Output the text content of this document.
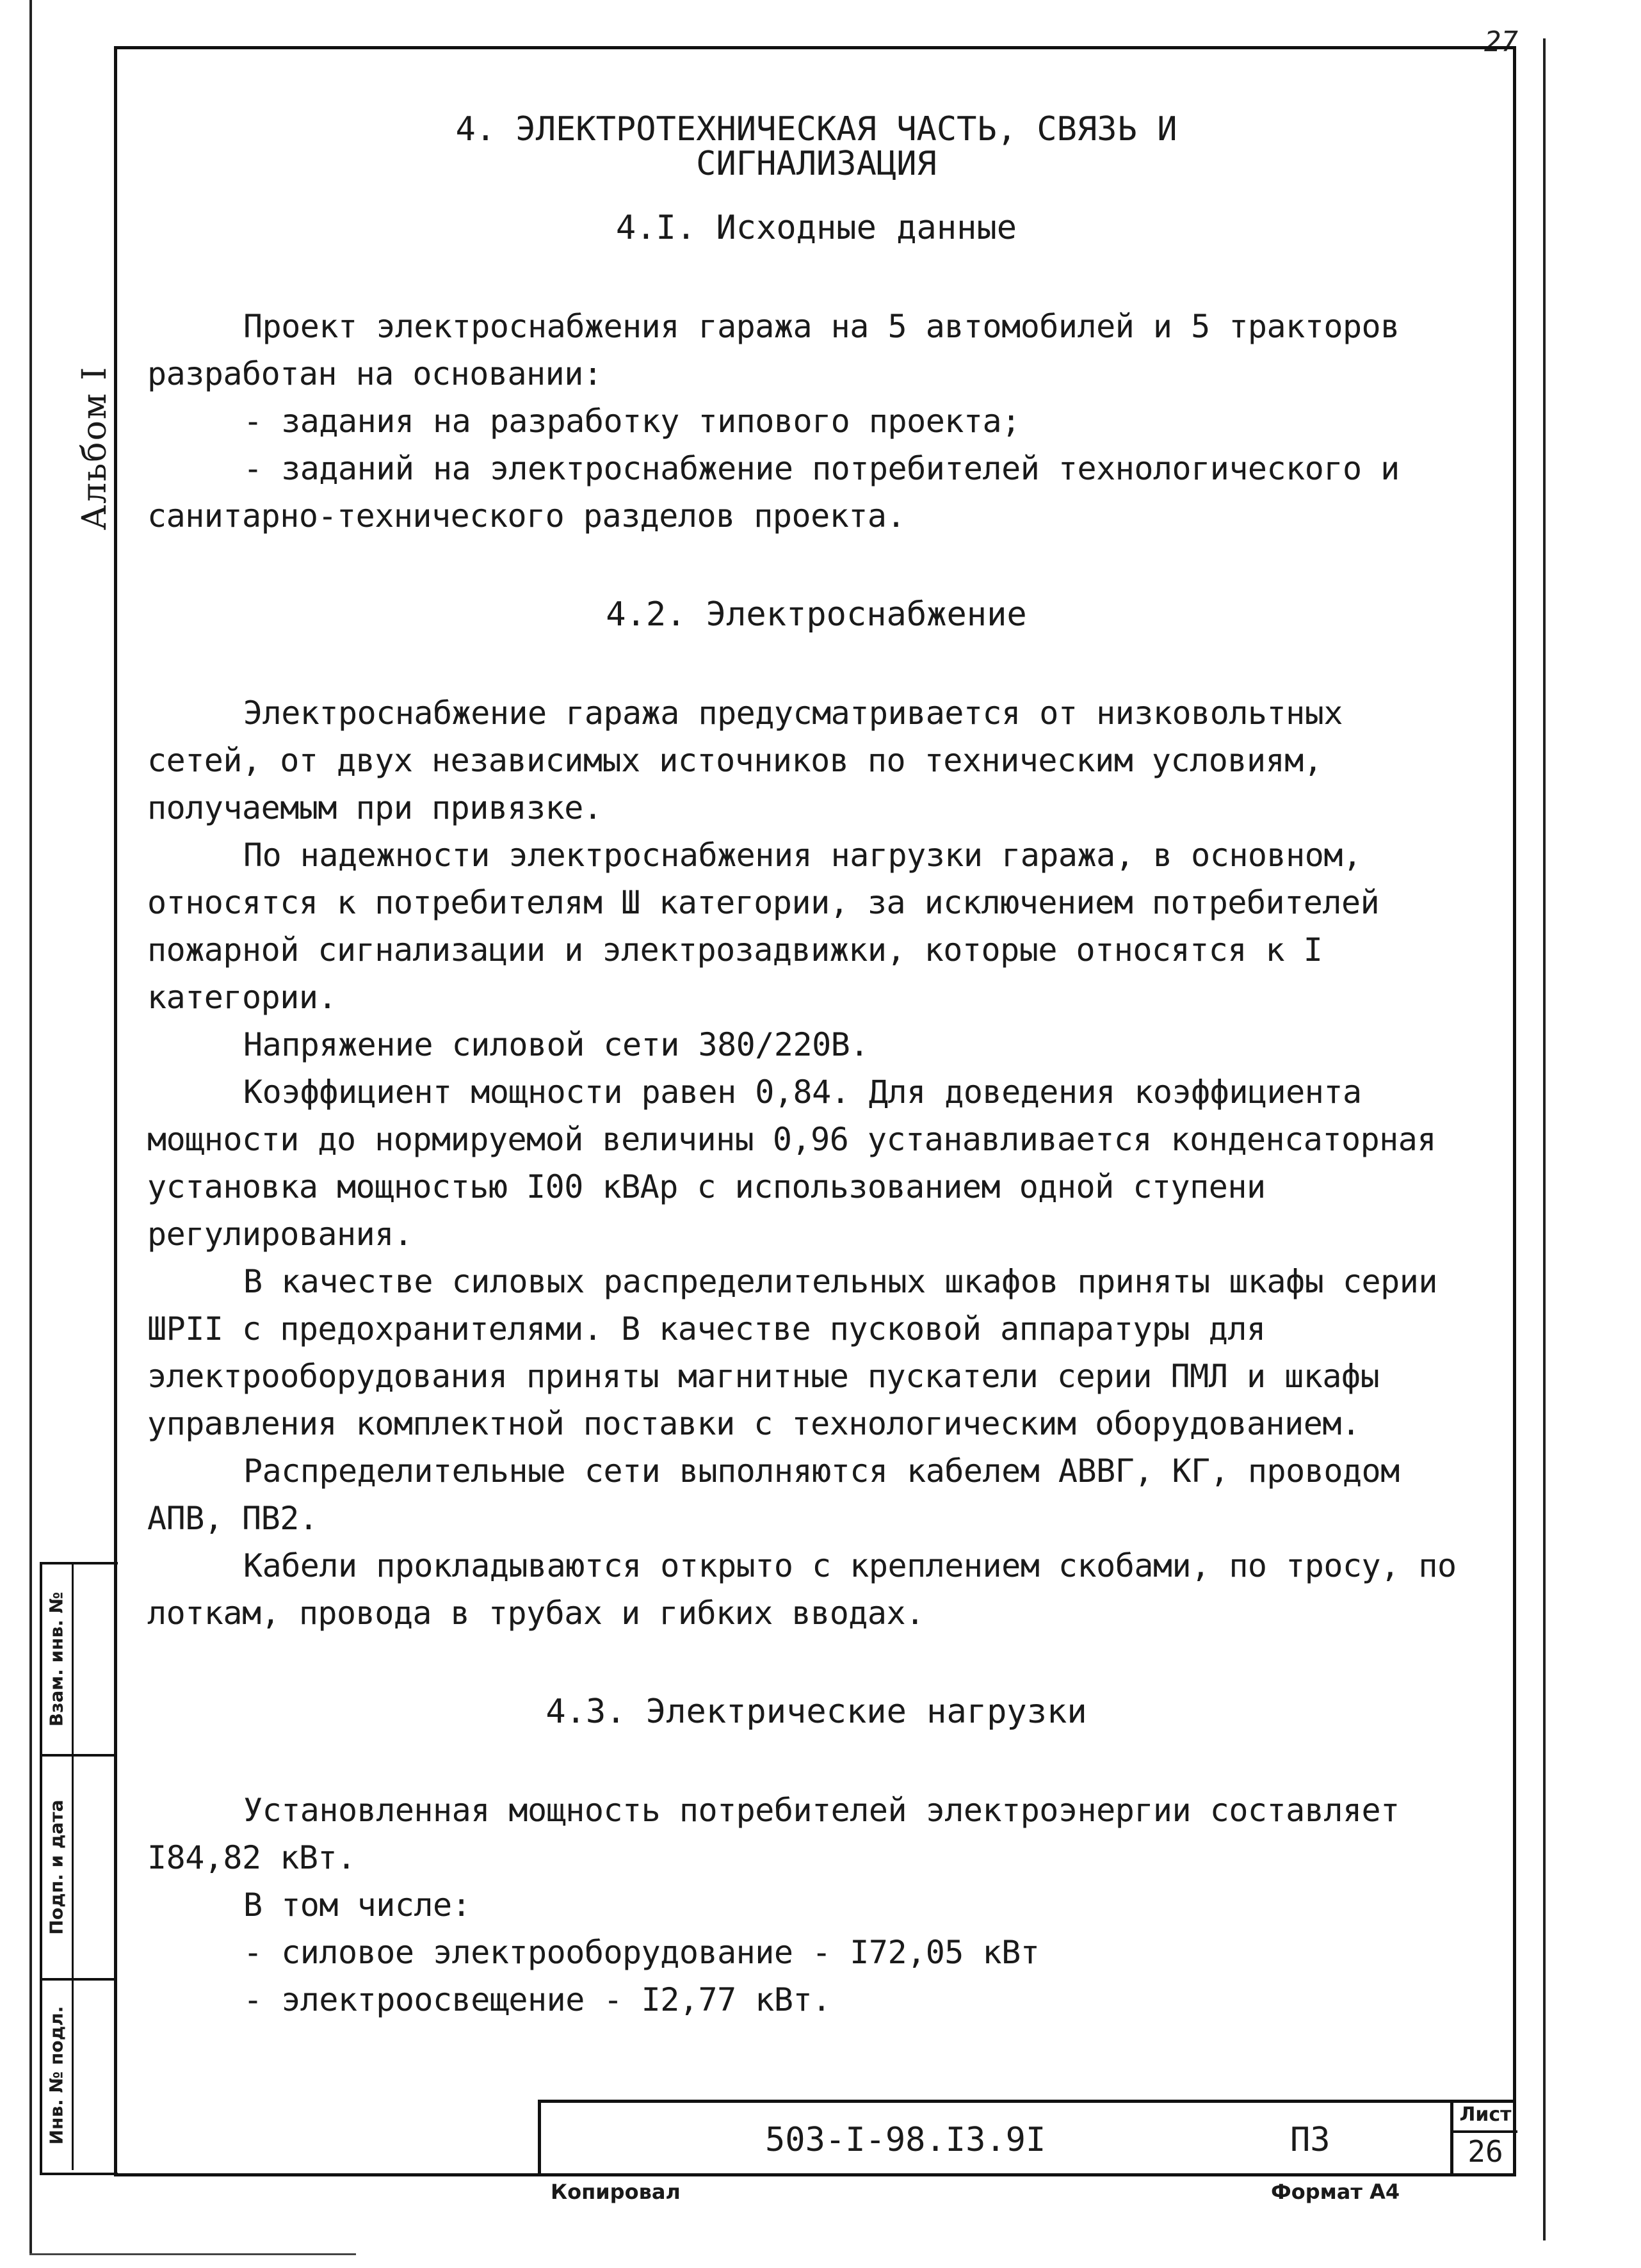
27
Альбом I
Взам. инв. №
Подп. и дата
Инв. № подл.
4. ЭЛЕКТРОТЕХНИЧЕСКАЯ ЧАСТЬ, СВЯЗЬ И
СИГНАЛИЗАЦИЯ

4.I. Исходные данные

Проект электроснабжения гаража на 5 автомобилей и 5 тракторов разработан на основании:

- задания на разработку типового проекта;

- заданий на электроснабжение потребителей технологического и санитарно-технического разделов проекта.

4.2. Электроснабжение

Электроснабжение гаража предусматривается от низковольтных сетей, от двух независимых источников по техническим условиям, получаемым при привязке.

По надежности электроснабжения нагрузки гаража, в основном, относятся к потребителям Ш категории, за исключением потребителей пожарной сигнализации и электрозадвижки, которые относятся к I категории.

Напряжение силовой сети 380/220В.

Коэффициент мощности равен 0,84. Для доведения коэффициента мощности до нормируемой величины 0,96 устанавливается конденсаторная установка мощностью I00 кВАр с использованием одной ступени регулирования.

В качестве силовых распределительных шкафов приняты шкафы серии ШРII с предохранителями. В качестве пусковой аппаратуры для электрооборудования приняты магнитные пускатели серии ПМЛ и шкафы управления комплектной поставки с технологическим оборудованием.

Распределительные сети выполняются кабелем АВВГ, КГ, проводом АПВ, ПВ2.

Кабели прокладываются открыто с креплением скобами, по тросу, по лоткам, провода в трубах и гибких вводах.

4.3. Электрические нагрузки

Установленная мощность потребителей электроэнергии составляет I84,82 кВт.

В том числе:

- силовое электрооборудование - I72,05 кВт

- электроосвещение - I2,77 кВт.

503-I-98.I3.9I	ПЗ
Лист
26
Копировал	Формат А4
